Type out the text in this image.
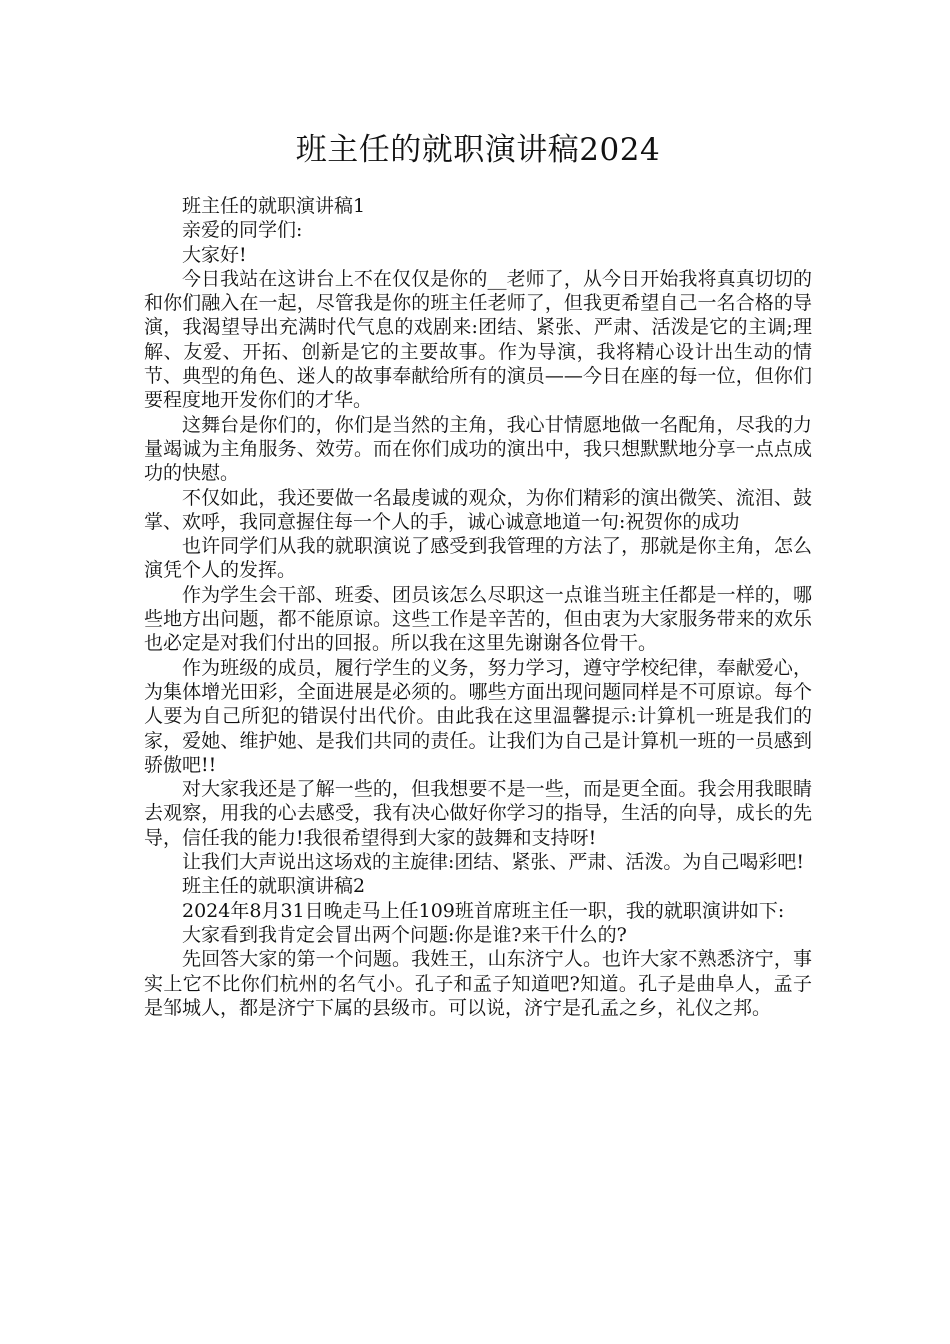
班主任的就职演讲稿2024

班主任的就职演讲稿1

亲爱的同学们:

大家好!

今日我站在这讲台上不在仅仅是你的__老师了，从今日开始我将真真切切的和你们融入在一起，尽管我是你的班主任老师了，但我更希望自己一名合格的导演，我渴望导出充满时代气息的戏剧来:团结、紧张、严肃、活泼是它的主调;理解、友爱、开拓、创新是它的主要故事。作为导演，我将精心设计出生动的情节、典型的角色、迷人的故事奉献给所有的演员——今日在座的每一位，但你们要程度地开发你们的才华。

这舞台是你们的，你们是当然的主角，我心甘情愿地做一名配角，尽我的力量竭诚为主角服务、效劳。而在你们成功的演出中，我只想默默地分享一点点成功的快慰。

不仅如此，我还要做一名最虔诚的观众，为你们精彩的演出微笑、流泪、鼓掌、欢呼，我同意握住每一个人的手，诚心诚意地道一句:祝贺你的成功

也许同学们从我的就职演说了感受到我管理的方法了，那就是你主角，怎么演凭个人的发挥。

作为学生会干部、班委、团员该怎么尽职这一点谁当班主任都是一样的，哪些地方出问题，都不能原谅。这些工作是辛苦的，但由衷为大家服务带来的欢乐也必定是对我们付出的回报。所以我在这里先谢谢各位骨干。

作为班级的成员，履行学生的义务，努力学习，遵守学校纪律，奉献爱心，为集体增光田彩，全面进展是必须的。哪些方面出现问题同样是不可原谅。每个人要为自己所犯的错误付出代价。由此我在这里温馨提示:计算机一班是我们的家，爱她、维护她、是我们共同的责任。让我们为自己是计算机一班的一员感到骄傲吧!!

对大家我还是了解一些的，但我想要不是一些，而是更全面。我会用我眼睛去观察，用我的心去感受，我有决心做好你学习的指导，生活的向导，成长的先导，信任我的能力!我很希望得到大家的鼓舞和支持呀!

让我们大声说出这场戏的主旋律:团结、紧张、严肃、活泼。为自己喝彩吧!

班主任的就职演讲稿2

2024年8月31日晚走马上任109班首席班主任一职，我的就职演讲如下:

大家看到我肯定会冒出两个问题:你是谁?来干什么的?

先回答大家的第一个问题。我姓王，山东济宁人。也许大家不熟悉济宁，事实上它不比你们杭州的名气小。孔子和孟子知道吧?知道。孔子是曲阜人，孟子是邹城人，都是济宁下属的县级市。可以说，济宁是孔孟之乡，礼仪之邦。
